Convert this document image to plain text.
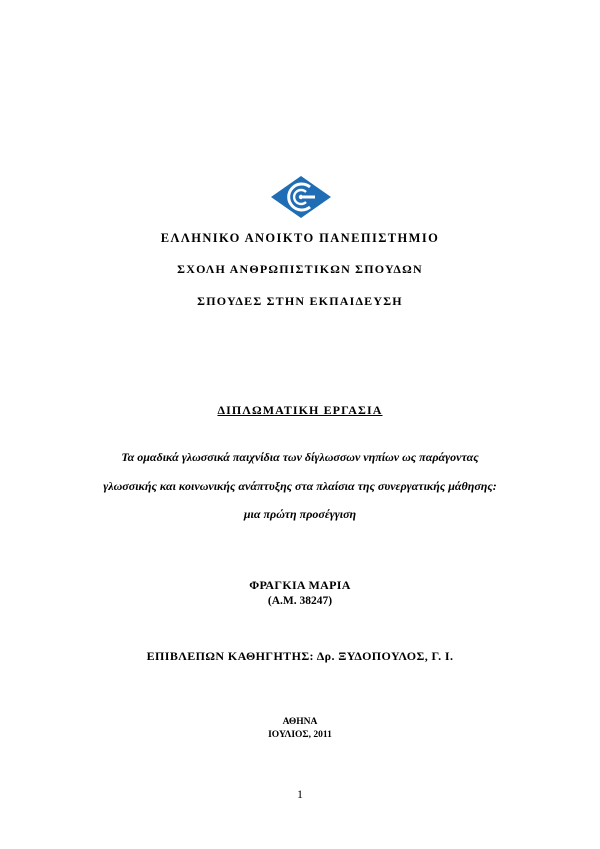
ΕΛΛΗΝΙΚΟ ΑΝΟΙΚΤΟ ΠΑΝΕΠΙΣΤΗΜΙΟ
ΣΧΟΛΗ ΑΝΘΡΩΠΙΣΤΙΚΩΝ ΣΠΟΥΔΩΝ
ΣΠΟΥΔΕΣ ΣΤΗΝ ΕΚΠΑΙΔΕΥΣΗ
ΔΙΠΛΩΜΑΤΙΚΗ ΕΡΓΑΣΙΑ
Τα ομαδικά γλωσσικά παιχνίδια των δίγλωσσων νηπίων ως παράγοντας
γλωσσικής και κοινωνικής ανάπτυξης στα πλαίσια της συνεργατικής μάθησης:
μια πρώτη προσέγγιση
ΦΡΑΓΚΙΑ ΜΑΡΙΑ
(Α.Μ. 38247)
ΕΠΙΒΛΕΠΩΝ ΚΑΘΗΓΗΤΗΣ: Δρ. ΞΥΔΟΠΟΥΛΟΣ, Γ. Ι.
ΑΘΗΝΑ
ΙΟΥΛΙΟΣ, 2011
1
